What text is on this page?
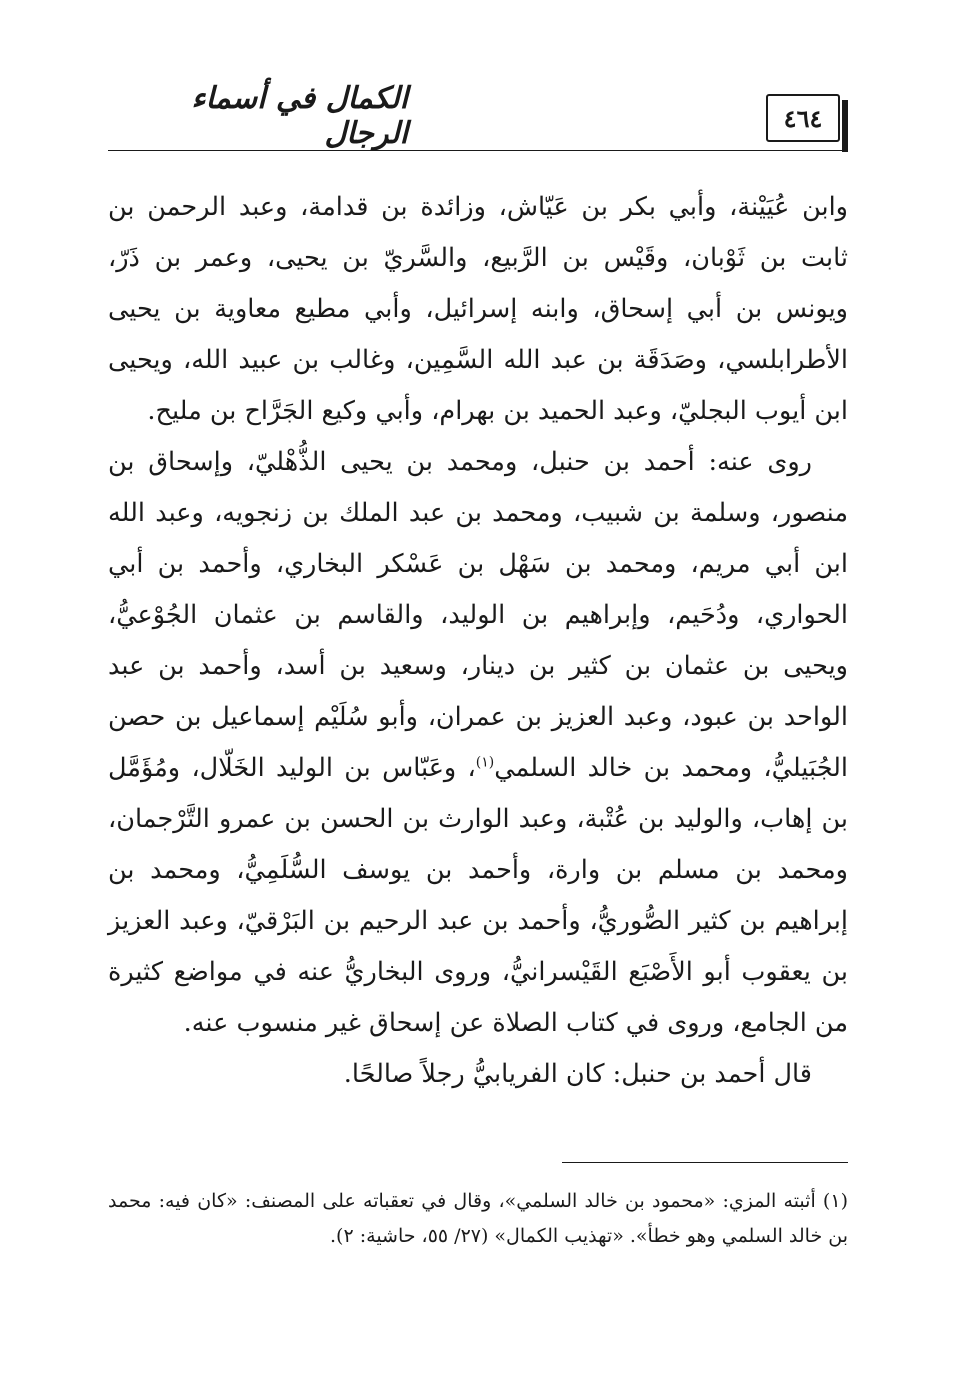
الكمال في أسماء الرجال	٤٦٤

وابن عُيَيْنة، وأبي بكر بن عَيّاش، وزائدة بن قدامة، وعبد الرحمن بن ثابت بن ثَوْبان، وقَيْس بن الرَّبيع، والسَّريّ بن يحيى، وعمر بن ذَرّ، ويونس بن أبي إسحاق، وابنه إسرائيل، وأبي مطيع معاوية بن يحيى الأطرابلسي، وصَدَقَة بن عبد الله السَّمِين، وغالب بن عبيد الله، ويحيى ابن أيوب البجليّ، وعبد الحميد بن بهرام، وأبي وكيع الجَرَّاح بن مليح.

روى عنه: أحمد بن حنبل، ومحمد بن يحيى الذُّهْليّ، وإسحاق بن منصور، وسلمة بن شبيب، ومحمد بن عبد الملك بن زنجويه، وعبد الله ابن أبي مريم، ومحمد بن سَهْل بن عَسْكر البخاري، وأحمد بن أبي الحواري، ودُحَيم، وإبراهيم بن الوليد، والقاسم بن عثمان الجُوْعيُّ، ويحيى بن عثمان بن كثير بن دينار، وسعيد بن أسد، وأحمد بن عبد الواحد بن عبود، وعبد العزيز بن عمران، وأبو سُلَيْم إسماعيل بن حصن الجُبَيليُّ، ومحمد بن خالد السلمي$^{(١)}$، وعَبّاس بن الوليد الخَلّال، ومُؤَمَّل بن إهاب، والوليد بن عُتْبة، وعبد الوارث بن الحسن بن عمرو التَّرْجمان، ومحمد بن مسلم بن وارة، وأحمد بن يوسف السُّلَمِيُّ، ومحمد بن إبراهيم بن كثير الصُّوريُّ، وأحمد بن عبد الرحيم بن البَرْقيّ، وعبد العزيز بن يعقوب أبو الأَصْبَع القَيْسرانيُّ، وروى البخاريُّ عنه في مواضع كثيرة من الجامع، وروى في كتاب الصلاة عن إسحاق غير منسوب عنه.

قال أحمد بن حنبل: كان الفريابيُّ رجلاً صالحًا.

(١) أثبته المزي: «محمود بن خالد السلمي»، وقال في تعقباته على المصنف: «كان فيه: محمد بن خالد السلمي وهو خطأ». «تهذيب الكمال» (٢٧/ ٥٥، حاشية: ٢).
